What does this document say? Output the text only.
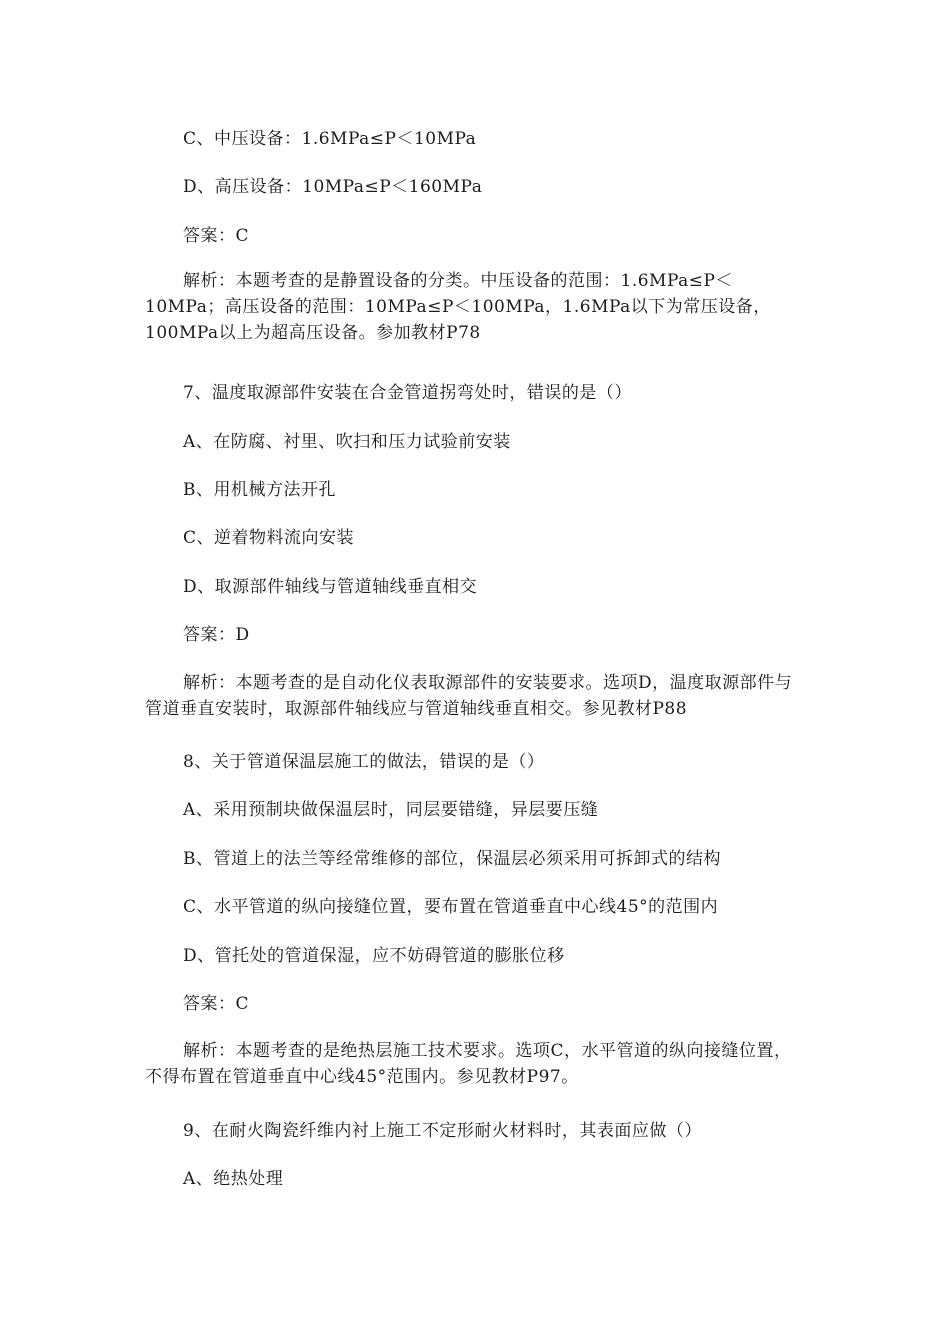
C、中压设备：1.6MPa≤P＜10MPa
D、高压设备：10MPa≤P＜160MPa
答案：C
解析：本题考查的是静置设备的分类。中压设备的范围：1.6MPa≤P＜10MPa；高压设备的范围：10MPa≤P＜100MPa，1.6MPa以下为常压设备，100MPa以上为超高压设备。参加教材P78
7、温度取源部件安装在合金管道拐弯处时，错误的是（）
A、在防腐、衬里、吹扫和压力试验前安装
B、用机械方法开孔
C、逆着物料流向安装
D、取源部件轴线与管道轴线垂直相交
答案：D
解析：本题考查的是自动化仪表取源部件的安装要求。选项D，温度取源部件与管道垂直安装时，取源部件轴线应与管道轴线垂直相交。参见教材P88
8、关于管道保温层施工的做法，错误的是（）
A、采用预制块做保温层时，同层要错缝，异层要压缝
B、管道上的法兰等经常维修的部位，保温层必须采用可拆卸式的结构
C、水平管道的纵向接缝位置，要布置在管道垂直中心线45°的范围内
D、管托处的管道保湿，应不妨碍管道的膨胀位移
答案：C
解析：本题考查的是绝热层施工技术要求。选项C，水平管道的纵向接缝位置，不得布置在管道垂直中心线45°范围内。参见教材P97。
9、在耐火陶瓷纤维内衬上施工不定形耐火材料时，其表面应做（）
A、绝热处理
